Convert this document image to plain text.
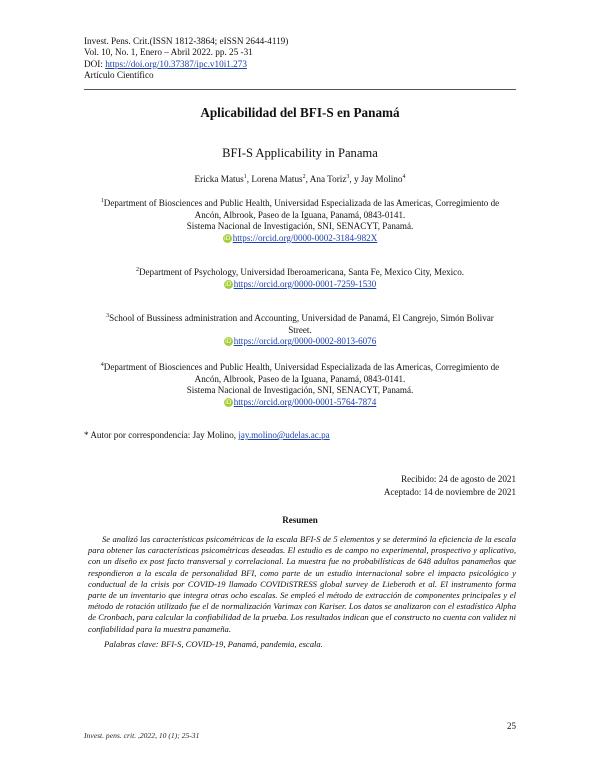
Invest. Pens. Crit.(ISSN 1812-3864; eISSN 2644-4119)
Vol. 10, No. 1, Enero – Abril 2022. pp. 25 -31
DOI: https://doi.org/10.37387/ipc.v10i1.273
Artículo Científico
Aplicabilidad del BFI-S en Panamá
BFI-S Applicability in Panama
Ericka Matus$^1$, Lorena Matus$^2$, Ana Toriz$^3$, y Jay Molino$^4$
$^1$Department of Biosciences and Public Health, Universidad Especializada de las Americas, Corregimiento de
Ancón, Albrook, Paseo de la Iguana, Panamá, 0843-0141.
Sistema Nacional de Investigación, SNI, SENACYT, Panamá.
iD https://orcid.org/0000-0002-3184-982X
$^2$Department of Psychology, Universidad Iberoamericana, Santa Fe, Mexico City, Mexico.
iD https://orcid.org/0000-0001-7259-1530
$^3$School of Bussiness administration and Accounting, Universidad de Panamá, El Cangrejo, Simón Bolivar
Street.
iD https://orcid.org/0000-0002-8013-6076
$^4$Department of Biosciences and Public Health, Universidad Especializada de las Americas, Corregimiento de
Ancón, Albrook, Paseo de la Iguana, Panamá, 0843-0141.
Sistema Nacional de Investigación, SNI, SENACYT, Panamá.
iD https://orcid.org/0000-0001-5764-7874
* Autor por correspondencia: Jay Molino, jay.molino@udelas.ac.pa
Recibido: 24 de agosto de 2021
Aceptado: 14 de noviembre de 2021
Resumen
Se analizó las características psicométricas de la escala BFI-S de 5 elementos y se determinó la eficiencia de la escala para obtener las características psicométricas deseadas. El estudio es de campo no experimental, prospectivo y aplicativo, con un diseño ex post facto transversal y correlacional. La muestra fue no probabilísticas de 648 adultos panameños que respondieron a la escala de personalidad BFI, como parte de un estudio internacional sobre el impacto psicológico y conductual de la crisis por COVID-19 llamado COVIDiSTRESS global survey de Lieberoth et al. El instrumento forma parte de un inventario que integra otras ocho escalas. Se empleó el método de extracción de componentes principales y el método de rotación utilizado fue el de normalización Varimax con Kariser. Los datos se analizaron con el estadístico Alpha de Cronbach, para calcular la confiabilidad de la prueba. Los resultados indican que el constructo no cuenta con validez ni confiabilidad para la muestra panameña.
Palabras clave: BFI-S, COVID-19, Panamá, pandemia, escala.
25
Invest. pens. crit. ,2022, 10 (1); 25-31
